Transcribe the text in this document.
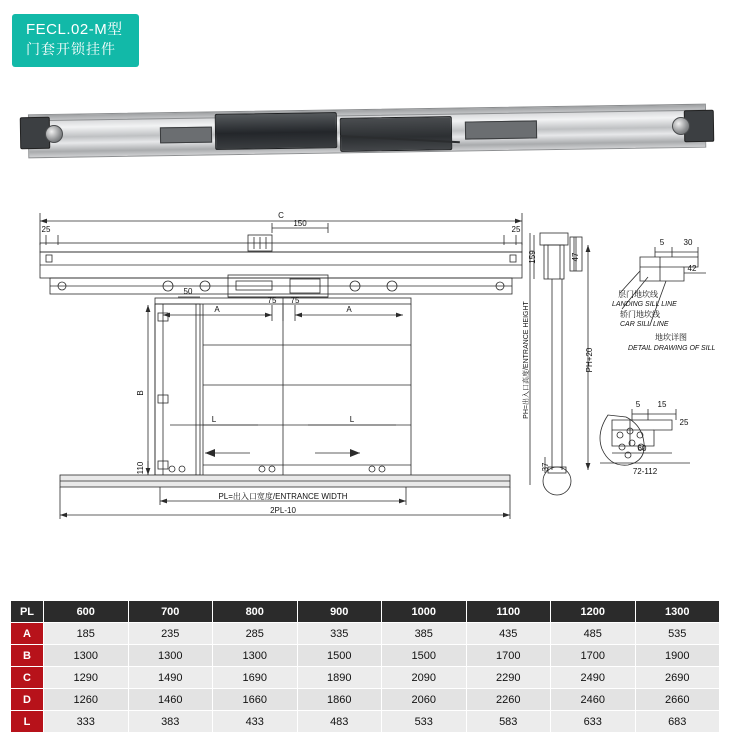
FECL.02-M型
门套开锁挂件
C
150
25	25
50
A	A
75 75
B
110
L	L
PL=出入口宽度/ENTRANCE WIDTH
2PL-10
PH=出入口高度/ENTRANCE HEIGHT
159	47
37
PH+20
5 30
42
层门地坎线
LANDING SILL LINE
轿门地坎线
CAR SILL LINE
地坎详图
DETAIL DRAWING OF SILL
5 15
25
60
72-112
PL	600	700	800	900	1000	1100	1200	1300
A	185	235	285	335	385	435	485	535
B	1300	1300	1300	1500	1500	1700	1700	1900
C	1290	1490	1690	1890	2090	2290	2490	2690
D	1260	1460	1660	1860	2060	2260	2460	2660
L	333	383	433	483	533	583	633	683
